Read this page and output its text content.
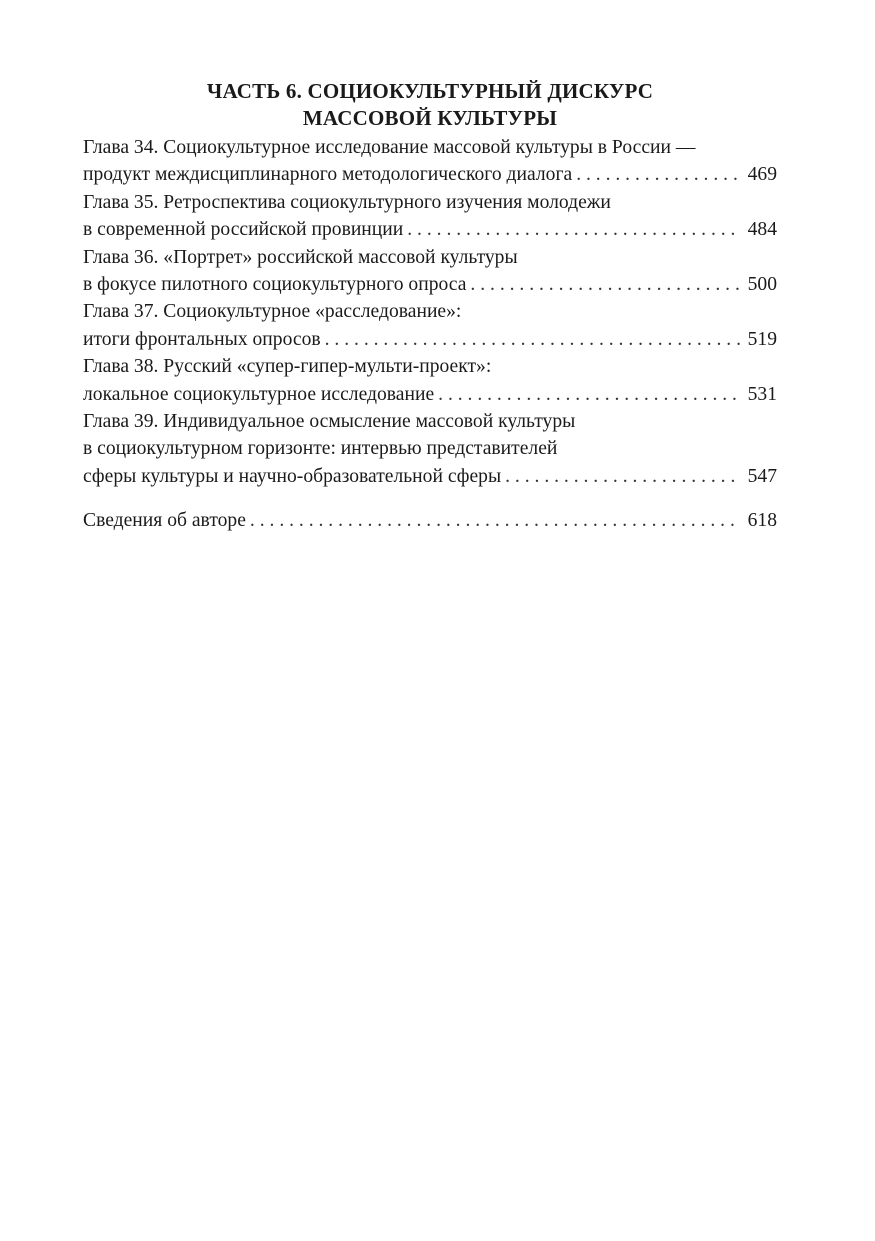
ЧАСТЬ 6. СОЦИОКУЛЬТУРНЫЙ ДИСКУРС
МАССОВОЙ КУЛЬТУРЫ
Глава 34. Социокультурное исследование массовой культуры в России —
продукт междисциплинарного методологического диалога . . .	469
Глава 35. Ретроспектива социокультурного изучения молодежи
в современной российской провинции . . .	484
Глава 36. «Портрет» российской массовой культуры
в фокусе пилотного социокультурного опроса . . .	500
Глава 37. Социокультурное «расследование»:
итоги фронтальных опросов . . .	519
Глава 38. Русский «супер-гипер-мульти-проект»:
локальное социокультурное исследование . . .	531
Глава 39. Индивидуальное осмысление массовой культуры
в социокультурном горизонте: интервью представителей
сферы культуры и научно-образовательной сферы . . .	547
Сведения об авторе . . .	618
